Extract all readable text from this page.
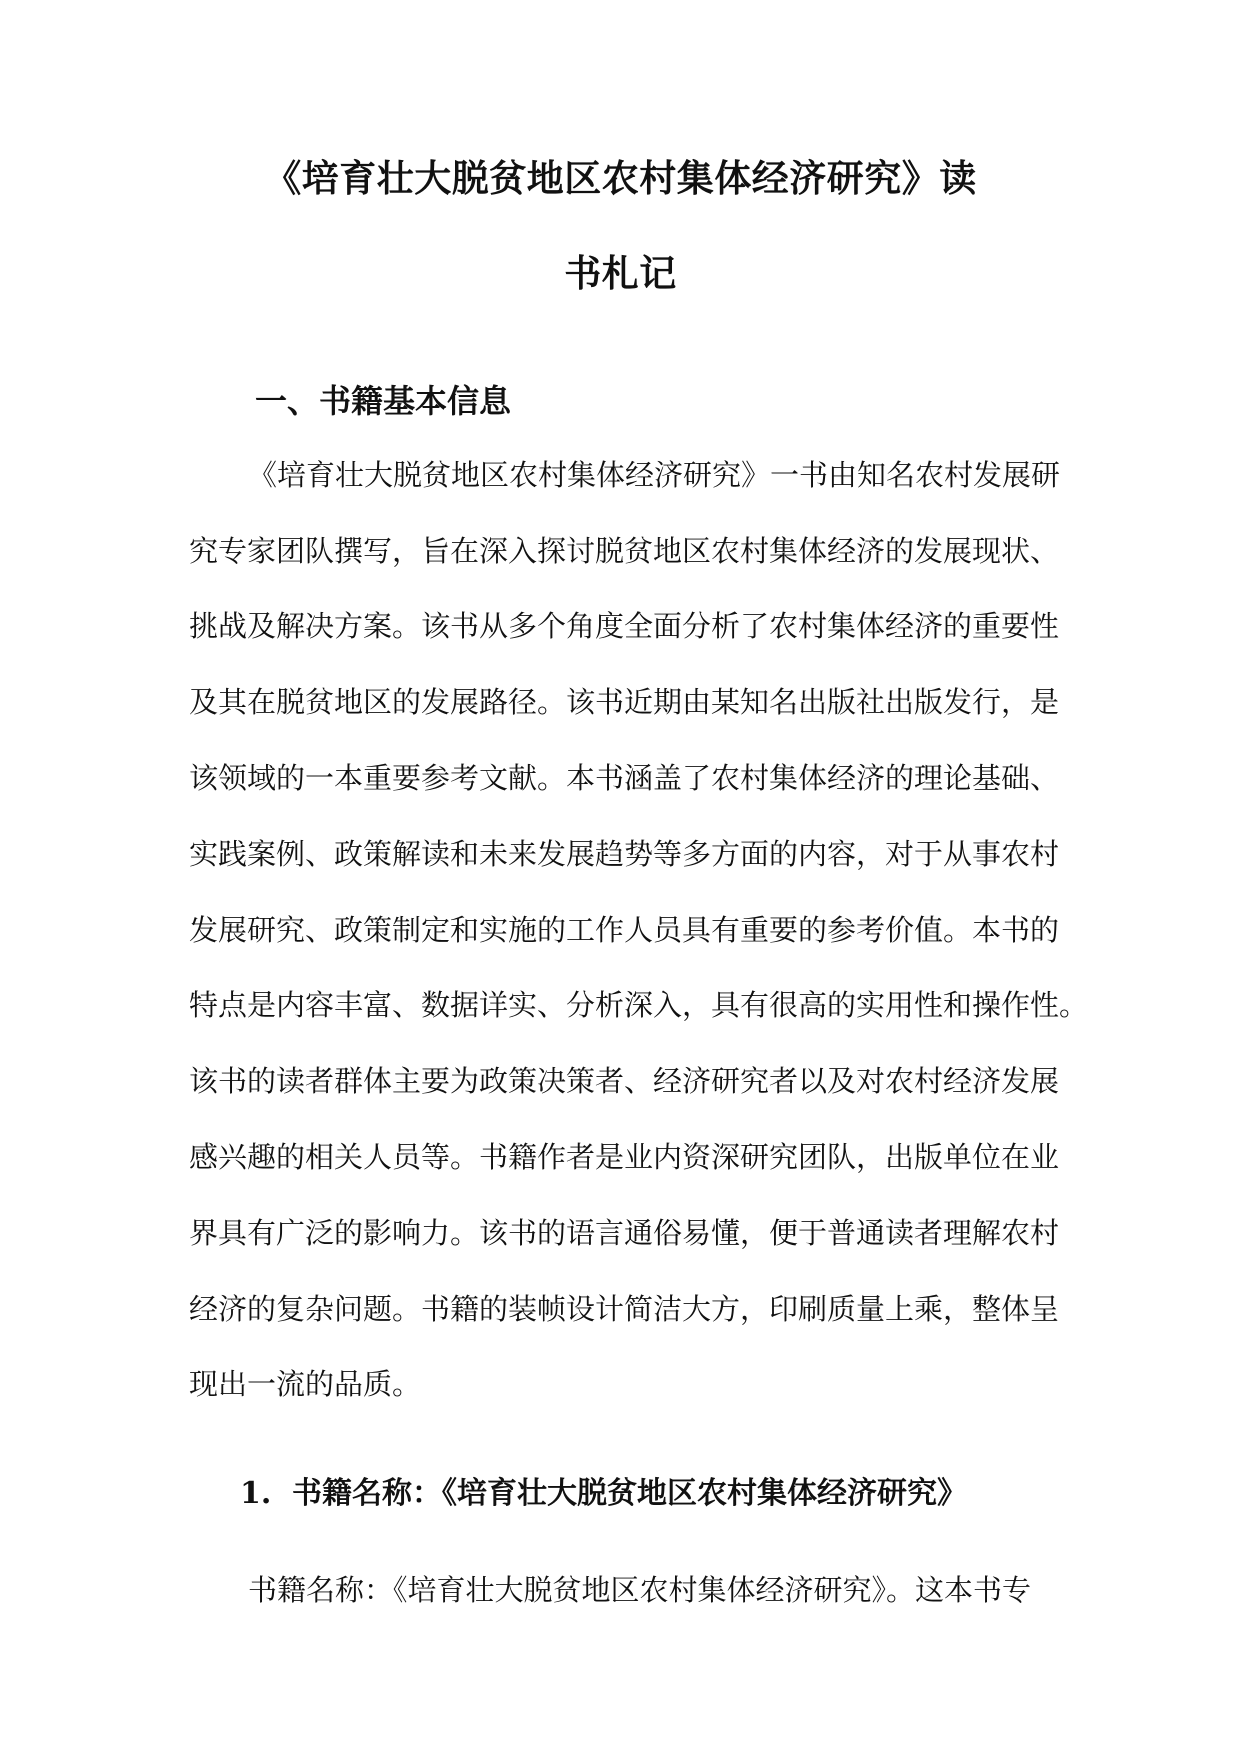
《培育壮大脱贫地区农村集体经济研究》读
书札记
一、书籍基本信息
《培育壮大脱贫地区农村集体经济研究》一书由知名农村发展研
究专家团队撰写，旨在深入探讨脱贫地区农村集体经济的发展现状、
挑战及解决方案。该书从多个角度全面分析了农村集体经济的重要性
及其在脱贫地区的发展路径。该书近期由某知名出版社出版发行，是
该领域的一本重要参考文献。本书涵盖了农村集体经济的理论基础、
实践案例、政策解读和未来发展趋势等多方面的内容，对于从事农村
发展研究、政策制定和实施的工作人员具有重要的参考价值。本书的
特点是内容丰富、数据详实、分析深入，具有很高的实用性和操作性。
该书的读者群体主要为政策决策者、经济研究者以及对农村经济发展
感兴趣的相关人员等。书籍作者是业内资深研究团队，出版单位在业
界具有广泛的影响力。该书的语言通俗易懂，便于普通读者理解农村
经济的复杂问题。书籍的装帧设计简洁大方，印刷质量上乘，整体呈
现出一流的品质。
1. 书籍名称：《培育壮大脱贫地区农村集体经济研究》
书籍名称：《培育壮大脱贫地区农村集体经济研究》。这本书专
